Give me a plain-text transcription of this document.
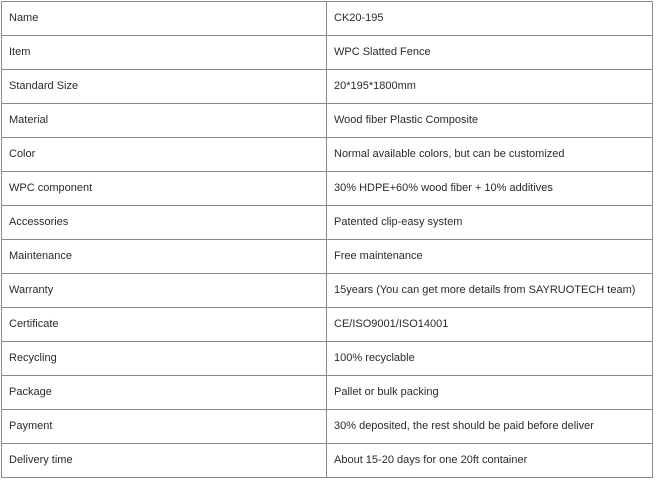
Name	CK20-195
Item	WPC Slatted Fence
Standard Size	20*195*1800mm
Material	Wood fiber Plastic Composite
Color	Normal available colors, but can be customized
WPC component	30% HDPE+60% wood fiber + 10% additives
Accessories	Patented clip-easy system
Maintenance	Free maintenance
Warranty	15years (You can get more details from SAYRUOTECH team)
Certificate	CE/ISO9001/ISO14001
Recycling	100% recyclable
Package	Pallet or bulk packing
Payment	30% deposited, the rest should be paid before deliver
Delivery time	About 15-20 days for one 20ft container
